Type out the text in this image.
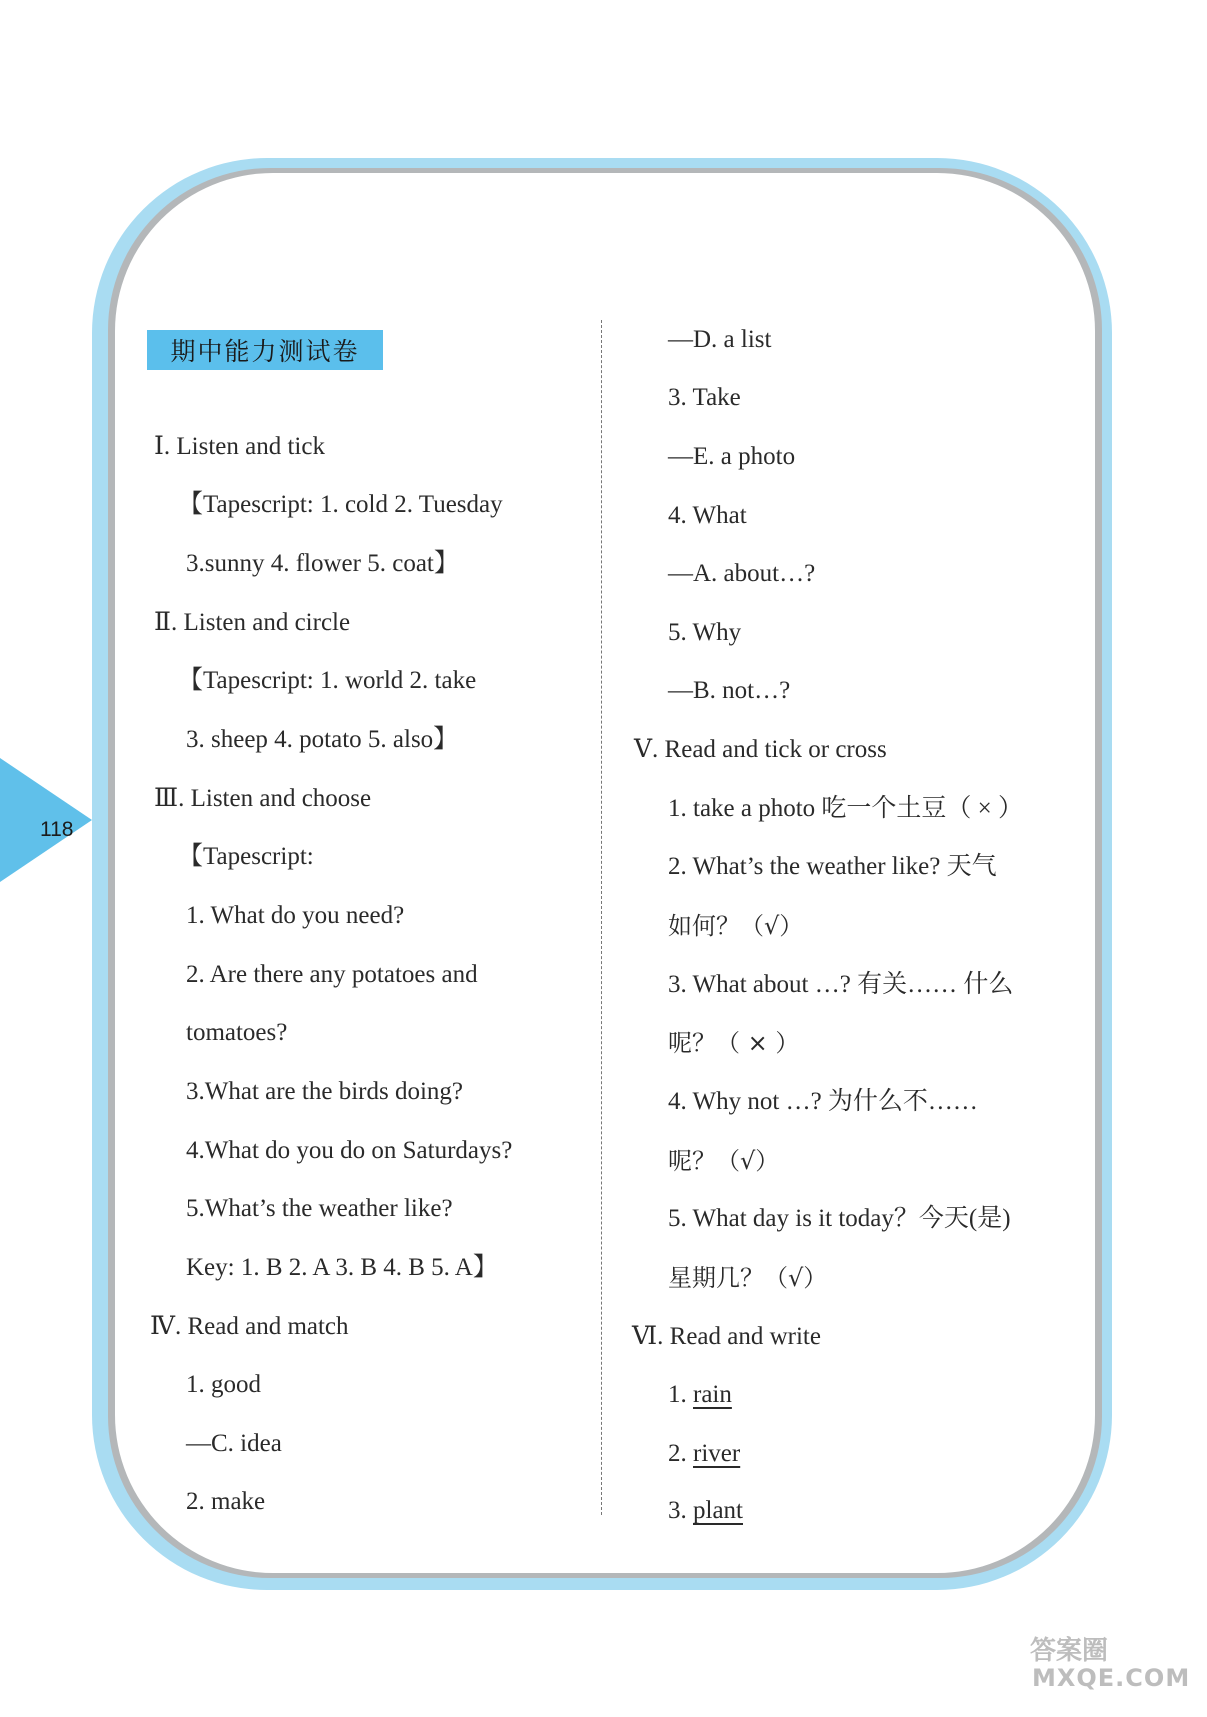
118
期中能力测试卷
Ⅰ. Listen and tick
【Tapescript: 1. cold 2. Tuesday
3.sunny 4. flower 5. coat】
Ⅱ. Listen and circle
【Tapescript: 1. world 2. take
3. sheep 4. potato 5. also】
Ⅲ. Listen and choose
【Tapescript:
1. What do you need?
2. Are there any potatoes and
tomatoes?
3.What are the birds doing?
4.What do you do on Saturdays?
5.What’s the weather like?
Key: 1. B 2. A 3. B 4. B 5. A】
Ⅳ. Read and match
1. good
—C. idea
2. make
—D. a list
3. Take
—E. a photo
4. What
—A. about…?
5. Why
—B. not…?
Ⅴ. Read and tick or cross
1. take a photo 吃一个土豆（ × ）
2. What’s the weather like? 天气
如何？（√）
3. What about …? 有关…… 什么
呢？（ × ）
4. Why not …? 为什么不……
呢？（√）
5. What day is it today？今天(是)
星期几？（√）
Ⅵ. Read and write
1. rain
2. river
3. plant
答案圈
MXQE.COM
